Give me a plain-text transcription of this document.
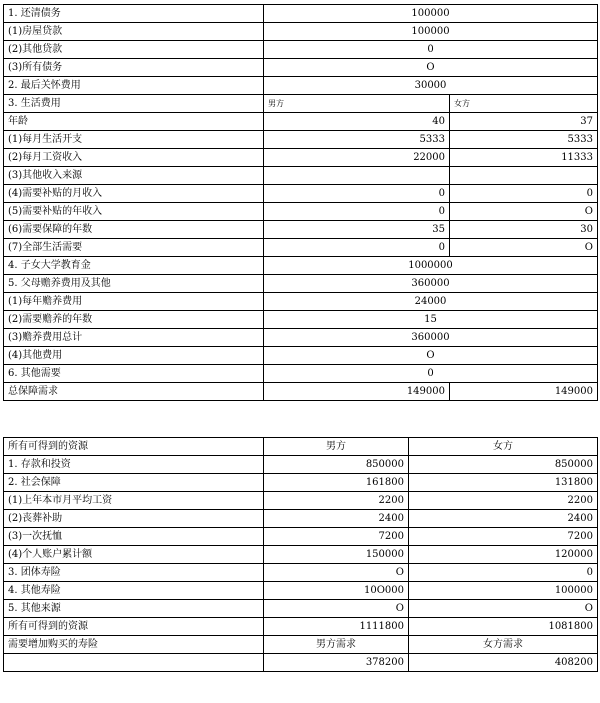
1. 还清债务	100000	
(1)房屋贷款	100000	
(2)其他贷款	0	
(3)所有债务	O	
2. 最后关怀费用	30000	
3. 生活费用	男方	女方
年龄	40	37
(1)每月生活开支	5333	5333
(2)每月工资收入	22000	11333
(3)其他收入来源		
(4)需要补贴的月收入	0	0
(5)需要补贴的年收入	0	O
(6)需要保障的年数	35	30
(7)全部生活需要	0	O
4. 子女大学教育金	1000000	
5. 父母赡养费用及其他	360000	
(1)每年赡养费用	24000	
(2)需要赡养的年数	15	
(3)赡养费用总计	360000	
(4)其他费用	O	
6. 其他需要	0	
总保障需求	149000	149000
所有可得到的资源	男方	女方
1. 存款和投资	850000	850000
2. 社会保障	161800	131800
(1)上年本市月平均工资	2200	2200
(2)丧葬补助	2400	2400
(3)一次抚恤	7200	7200
(4)个人账户累计额	150000	120000
3. 团体寿险	O	0
4. 其他寿险	10O000	100000
5. 其他来源	O	O
所有可得到的资源	1111800	1081800
需要增加购买的寿险	男方需求	女方需求
	378200	408200
